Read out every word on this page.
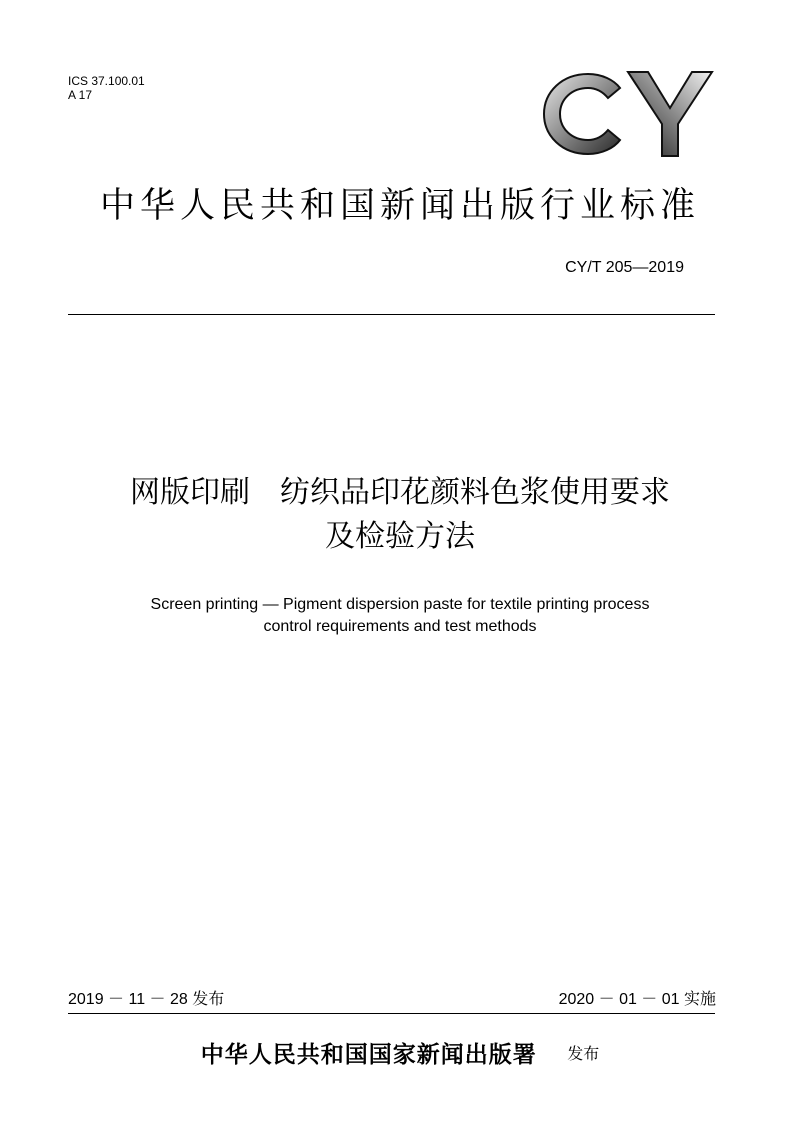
ICS 37.100.01
A 17
中华人民共和国新闻出版行业标准
CY/T 205—2019
网版印刷　纺织品印花颜料色浆使用要求
及检验方法
Screen printing — Pigment dispersion paste for textile printing process
control requirements and test methods
2019 － 11 － 28 发布	2020 － 01 － 01 实施
中华人民共和国国家新闻出版署 发布
